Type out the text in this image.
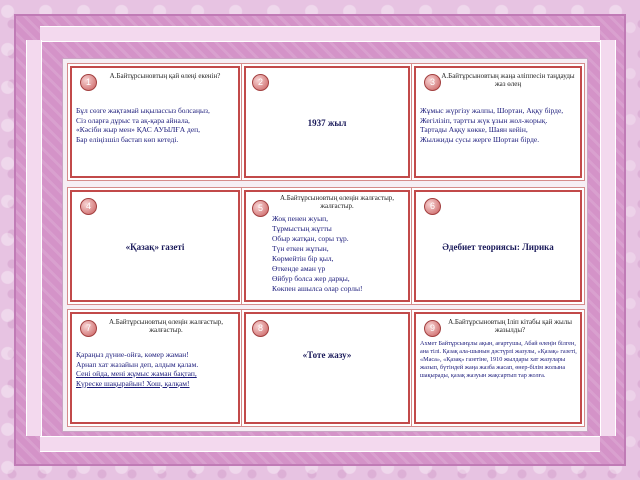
1
А.Байтұрсыновтың қай өлеңі екенін?
Бұл сөзге жақтамай ықылассыз болсаңыз,
Сіз оларға дұрыс та ақ-қара айнала,
«Кәсіби жыр мен» ҚАС АУЫЛҒА деп,
Бар еліңізшіл бастап көп кетеді.
2
1937 жыл
3
А.Байтұрсыновтың жаңа әліппесін таңдауды жаз өлең
Жұмыс жүргізу жалпы, Шортан, Аққу бірде,
Жегілізіп, тартты жүк ұзын жол-жорық.
Тартады Аққу көкке, Шаян кейін,
Жылжиды сусы жерге Шортан бірде.
4
«Қазақ» газеті
5
А.Байтұрсыновтың өлеңін жалғастыр, жалғастыр.
Жоқ пенен жуып,
Тұрмыстың жұтты
Обыр жатқан, соры тұр.
Түн еткен жұтын,
Көрмейтін бір қыл,
Өткенде аман үр
Өйбур болса жер дарқы,
Көкпен ашылса олар сорлы!
6
Әдебиет теориясы: Лирика
7
А.Байтұрсыновтың өлеңін жалғастыр, жалғастыр.
Қараңыз дүние-ойға, көмер жаман!
Арнап хат жазайын деп, алдым қалам.
Сені ойда, мені жұмыс жаман бақтап,
Күреске шақырайын! Хош, қалқам!
8
«Тоте жазу»
9
А.Байтұрсыновтың Іліп кітабы қай жылы жазылды?
Ахмет Байтұрсынұлы ақын, ағартушы, Абай өлеңін білген, ана тілі. Қазақ ала-шынын дәстүрлі жазулы, «Қазақ» газеті, «Маса», «Қазақ» газетіне, 1910 жылдары хат жазулары жазып, бүтіндей жаңа жазба жасап, өнер-білім жолына шақырады, қазақ жазуын жақсартып тар жолға.
